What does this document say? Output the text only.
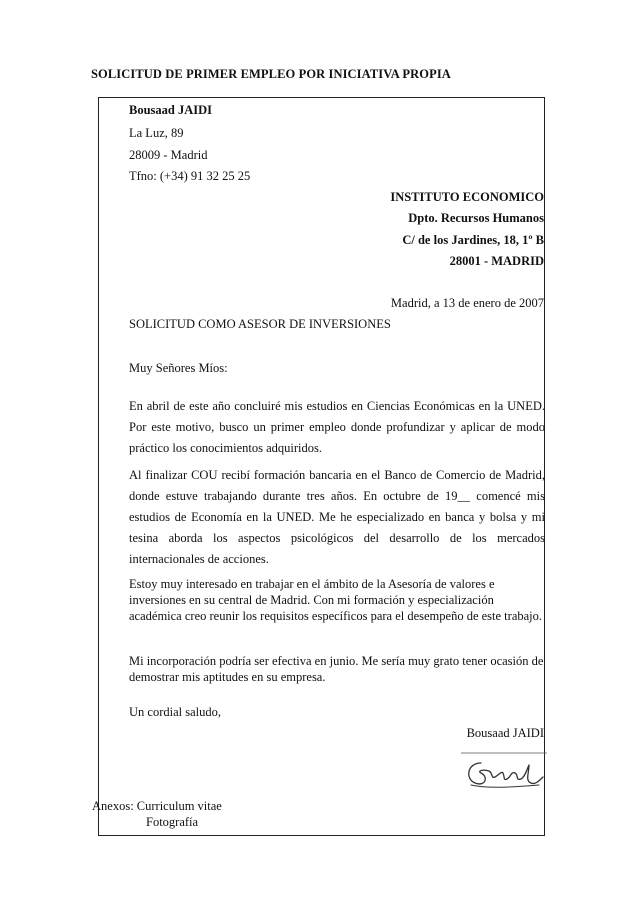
SOLICITUD DE PRIMER EMPLEO POR INICIATIVA PROPIA
Bousaad JAIDI
La Luz, 89
28009 - Madrid
Tfno: (+34) 91 32 25 25
INSTITUTO ECONOMICO
Dpto. Recursos Humanos
C/ de los Jardines, 18, 1º B
28001 - MADRID
Madrid, a 13 de enero de 2007
SOLICITUD COMO ASESOR DE INVERSIONES
Muy Señores Míos:
En abril de este año concluiré mis estudios en Ciencias Económicas en la UNED. Por este motivo, busco un primer empleo donde profundizar y aplicar de modo práctico los conocimientos adquiridos.
Al finalizar COU recibí formación bancaria en el Banco de Comercio de Madrid, donde estuve trabajando durante tres años. En octubre de 19__ comencé mis estudios de Economía en la UNED. Me he especializado en banca y bolsa y mi tesina aborda los aspectos psicológicos del desarrollo de los mercados internacionales de acciones.
Estoy muy interesado en trabajar en el ámbito de la Asesoría de valores e inversiones en su central de Madrid. Con mi formación y especialización académica creo reunir los requisitos específicos para el desempeño de este trabajo.
Mi incorporación podría ser efectiva en junio. Me sería muy grato tener ocasión de demostrar mis aptitudes en su empresa.
Un cordial saludo,
Bousaad JAIDI
Anexos: Curriculum vitae
Fotografía
